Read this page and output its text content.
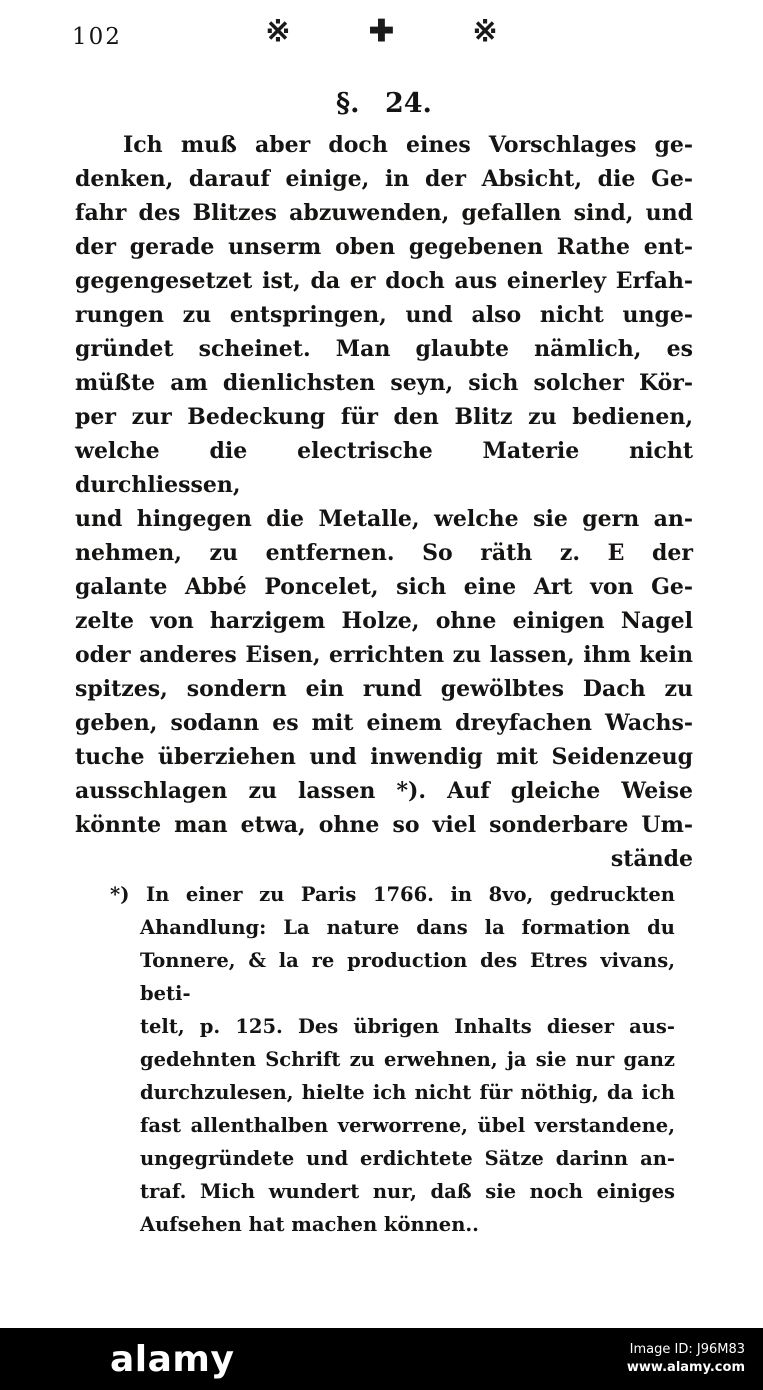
102	※ ✚ ※
§. 24.
Ich muß aber doch eines Vorschlages ge-
denken, darauf einige, in der Absicht, die Ge-
fahr des Blitzes abzuwenden, gefallen sind, und
der gerade unserm oben gegebenen Rathe ent-
gegengesetzet ist, da er doch aus einerley Erfah-
rungen zu entspringen, und also nicht unge-
gründet scheinet. Man glaubte nämlich, es
müßte am dienlichsten seyn, sich solcher Kör-
per zur Bedeckung für den Blitz zu bedienen,
welche die electrische Materie nicht durchliessen,
und hingegen die Metalle, welche sie gern an-
nehmen, zu entfernen. So räth z. E der
galante Abbé Poncelet, sich eine Art von Ge-
zelte von harzigem Holze, ohne einigen Nagel
oder anderes Eisen, errichten zu lassen, ihm kein
spitzes, sondern ein rund gewölbtes Dach zu
geben, sodann es mit einem dreyfachen Wachs-
tuche überziehen und inwendig mit Seidenzeug
ausschlagen zu lassen *). Auf gleiche Weise
könnte man etwa, ohne so viel sonderbare Um-
stände
*) In einer zu Paris 1766. in 8vo, gedruckten
Ahandlung: La nature dans la formation du
Tonnere, & la re production des Etres vivans, beti-
telt, p. 125. Des übrigen Inhalts dieser aus-
gedehnten Schrift zu erwehnen, ja sie nur ganz
durchzulesen, hielte ich nicht für nöthig, da ich
fast allenthalben verworrene, übel verstandene,
ungegründete und erdichtete Sätze darinn an-
traf. Mich wundert nur, daß sie noch einiges
Aufsehen hat machen können..
alamy	Image ID: J96M83
www.alamy.com
